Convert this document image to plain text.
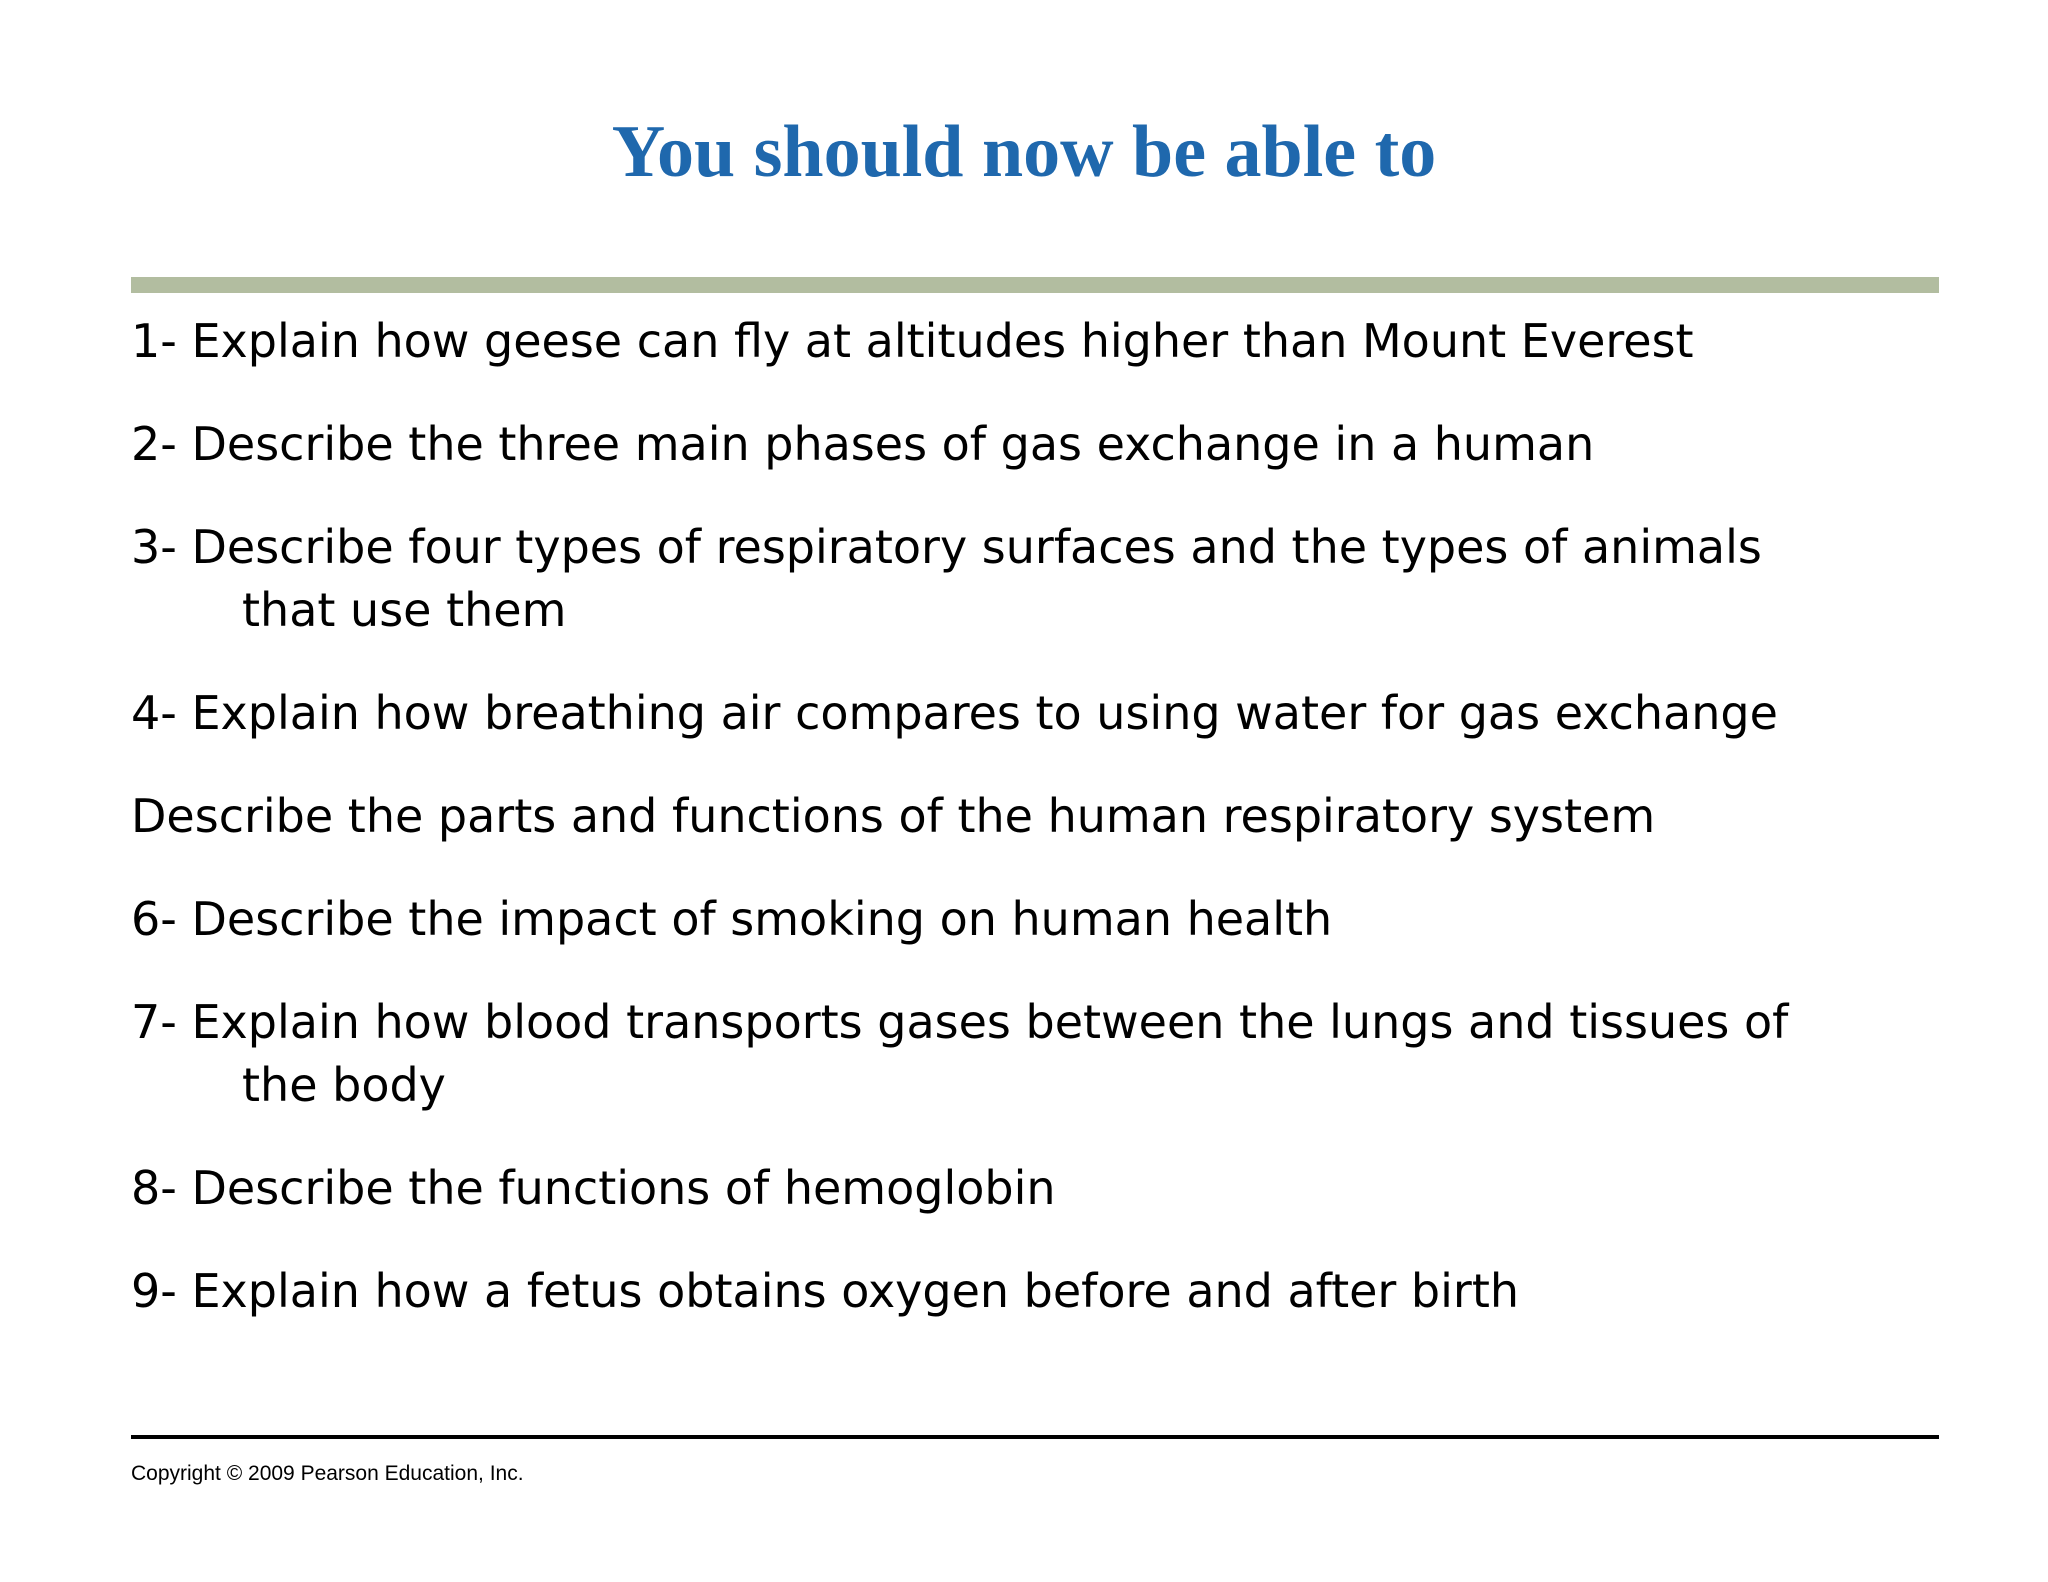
You should now be able to
1- Explain how geese can fly at altitudes higher than Mount Everest
2- Describe the three main phases of gas exchange in a human
3- Describe four types of respiratory surfaces and the types of animals
that use them
4- Explain how breathing air compares to using water for gas exchange
Describe the parts and functions of the human respiratory system
6- Describe the impact of smoking on human health
7- Explain how blood transports gases between the lungs and tissues of
the body
8- Describe the functions of hemoglobin
9- Explain how a fetus obtains oxygen before and after birth
Copyright © 2009 Pearson Education, Inc.
